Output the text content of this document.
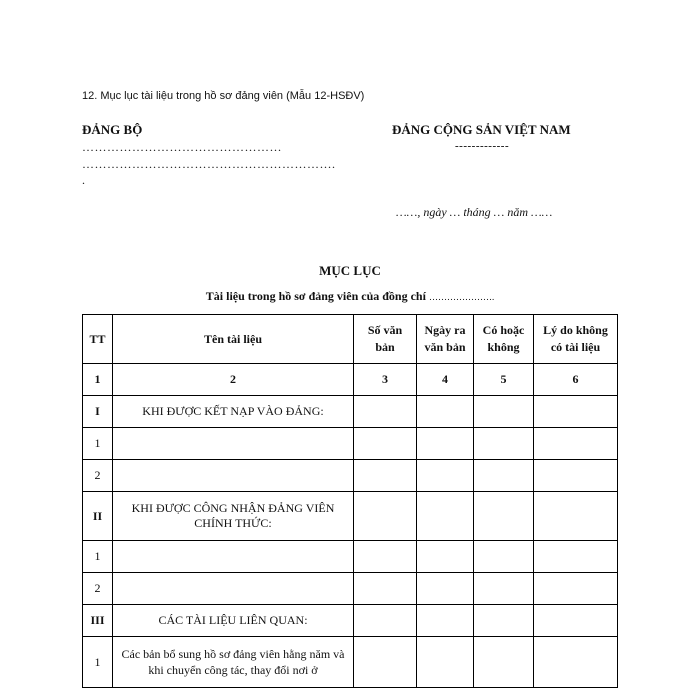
12. Mục lục tài liệu trong hồ sơ đảng viên (Mẫu 12-HSĐV)
ĐẢNG BỘ
…………………………………………
…………………………………………………….
.
ĐẢNG CỘNG SẢN VIỆT NAM
-------------
……, ngày … tháng … năm ……
MỤC LỤC
Tài liệu trong hồ sơ đảng viên của đồng chí ………………….
TT	Tên tài liệu	Số văn bản	Ngày ra văn bản	Có hoặc không	Lý do không có tài liệu
1	2	3	4	5	6
I	KHI ĐƯỢC KẾT NẠP VÀO ĐẢNG:				
1					
2					
II	KHI ĐƯỢC CÔNG NHẬN ĐẢNG VIÊN CHÍNH THỨC:				
1					
2					
III	CÁC TÀI LIỆU LIÊN QUAN:				
1	Các bản bổ sung hồ sơ đảng viên hằng năm và khi chuyển công tác, thay đổi nơi ở				
